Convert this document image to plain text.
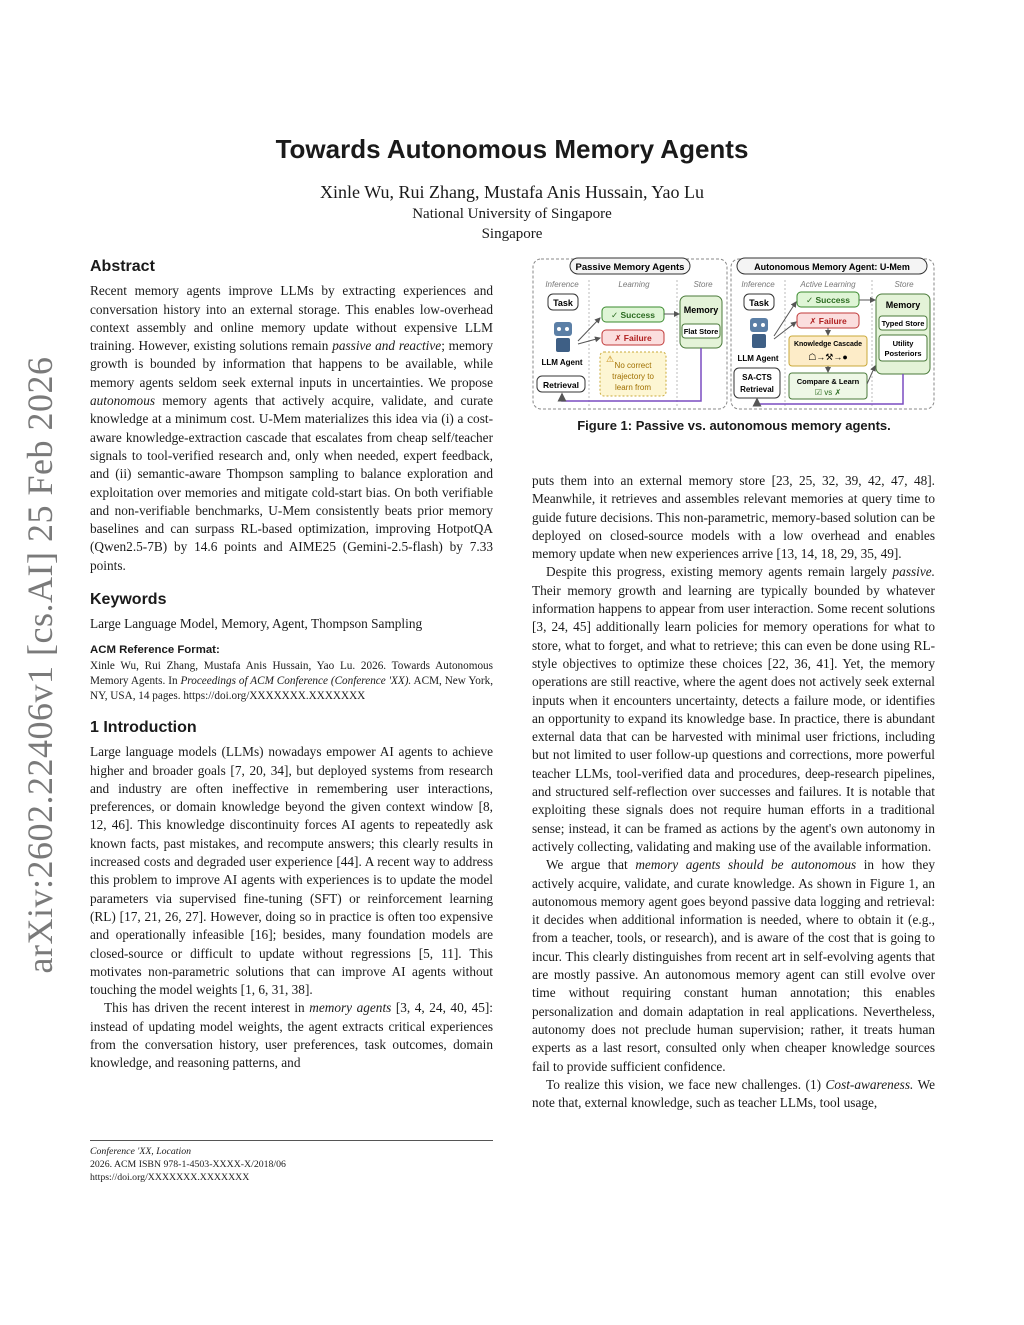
arXiv:2602.22406v1 [cs.AI] 25 Feb 2026
Towards Autonomous Memory Agents
Xinle Wu, Rui Zhang, Mustafa Anis Hussain, Yao Lu
National University of Singapore
Singapore
Abstract

Recent memory agents improve LLMs by extracting experiences and conversation history into an external storage. This enables low-overhead context assembly and online memory update without expensive LLM training. However, existing solutions remain passive and reactive; memory growth is bounded by information that happens to be available, while memory agents seldom seek external inputs in uncertainties. We propose autonomous memory agents that actively acquire, validate, and curate knowledge at a minimum cost. U-Mem materializes this idea via (i) a cost-aware knowledge-extraction cascade that escalates from cheap self/teacher signals to tool-verified research and, only when needed, expert feedback, and (ii) semantic-aware Thompson sampling to balance exploration and exploitation over memories and mitigate cold-start bias. On both verifiable and non-verifiable benchmarks, U-Mem consistently beats prior memory baselines and can surpass RL-based optimization, improving HotpotQA (Qwen2.5-7B) by 14.6 points and AIME25 (Gemini-2.5-flash) by 7.33 points.

Keywords

Large Language Model, Memory, Agent, Thompson Sampling

ACM Reference Format:

Xinle Wu, Rui Zhang, Mustafa Anis Hussain, Yao Lu. 2026. Towards Autonomous Memory Agents. In Proceedings of ACM Conference (Conference 'XX). ACM, New York, NY, USA, 14 pages. https://doi.org/XXXXXXX.XXXXXXX

1 Introduction

Large language models (LLMs) nowadays empower AI agents to achieve higher and broader goals [7, 20, 34], but deployed systems from research and industry are often ineffective in remembering user interactions, preferences, or domain knowledge beyond the given context window [8, 12, 46]. This knowledge discontinuity forces AI agents to repeatedly ask known facts, past mistakes, and recompute answers; this clearly results in increased costs and degraded user experience [44]. A recent way to address this problem to improve AI agents with experiences is to update the model parameters via supervised fine-tuning (SFT) or reinforcement learning (RL) [17, 21, 26, 27]. However, doing so in practice is often too expensive and operationally infeasible [16]; besides, many foundation models are closed-source or difficult to update without regressions [5, 11]. This motivates non-parametric solutions that can improve AI agents without touching the model weights [1, 6, 31, 38].

This has driven the recent interest in memory agents [3, 4, 24, 40, 45]: instead of updating model weights, the agent extracts critical experiences from the conversation history, user preferences, task outcomes, domain knowledge, and reasoning patterns, and

Conference 'XX, Location
2026. ACM ISBN 978-1-4503-XXXX-X/2018/06
https://doi.org/XXXXXXX.XXXXXXX
Passive Memory Agents
Inference	Learning	Store
Task
LLM Agent
Retrieval
✓ Success
✗ Failure
⚠
No correct
trajectory to
learn from
Memory
Flat Store
Autonomous Memory Agent: U-Mem
Inference	Active Learning	Store
Task
LLM Agent
SA-CTS
Retrieval
✓ Success
✗ Failure
Knowledge Cascade
☖→⚒→●
Compare & Learn
☑ vs ✗
Memory
Typed Store
Utility
Posteriors
Figure 1: Passive vs. autonomous memory agents.

puts them into an external memory store [23, 25, 32, 39, 42, 47, 48]. Meanwhile, it retrieves and assembles relevant memories at query time to guide future decisions. This non-parametric, memory-based solution can be deployed on closed-source models with a low overhead and enables memory update when new experiences arrive [13, 14, 18, 29, 35, 49].

Despite this progress, existing memory agents remain largely passive. Their memory growth and learning are typically bounded by whatever information happens to appear from user interaction. Some recent solutions [3, 24, 45] additionally learn policies for memory operations for what to store, what to forget, and what to retrieve; this can even be done using RL-style objectives to optimize these choices [22, 36, 41]. Yet, the memory operations are still reactive, where the agent does not actively seek external inputs when it encounters uncertainty, detects a failure mode, or identifies an opportunity to expand its knowledge base. In practice, there is abundant external data that can be harvested with minimal user frictions, including but not limited to user follow-up questions and corrections, more powerful teacher LLMs, tool-verified data and procedures, deep-research pipelines, and structured self-reflection over successes and failures. It is notable that exploiting these signals does not require human efforts in a traditional sense; instead, it can be framed as actions by the agent's own autonomy in actively collecting, validating and making use of the available information.

We argue that memory agents should be autonomous in how they actively acquire, validate, and curate knowledge. As shown in Figure 1, an autonomous memory agent goes beyond passive data logging and retrieval: it decides when additional information is needed, where to obtain it (e.g., from a teacher, tools, or research), and is aware of the cost that is going to incur. This clearly distinguishes from recent art in self-evolving agents that are mostly passive. An autonomous memory agent can still evolve over time without requiring constant human annotation; this enables personalization and domain adaptation in real applications. Nevertheless, autonomy does not preclude human supervision; rather, it treats human experts as a last resort, consulted only when cheaper knowledge sources fail to provide sufficient confidence.

To realize this vision, we face new challenges. (1) Cost-awareness. We note that, external knowledge, such as teacher LLMs, tool usage,
